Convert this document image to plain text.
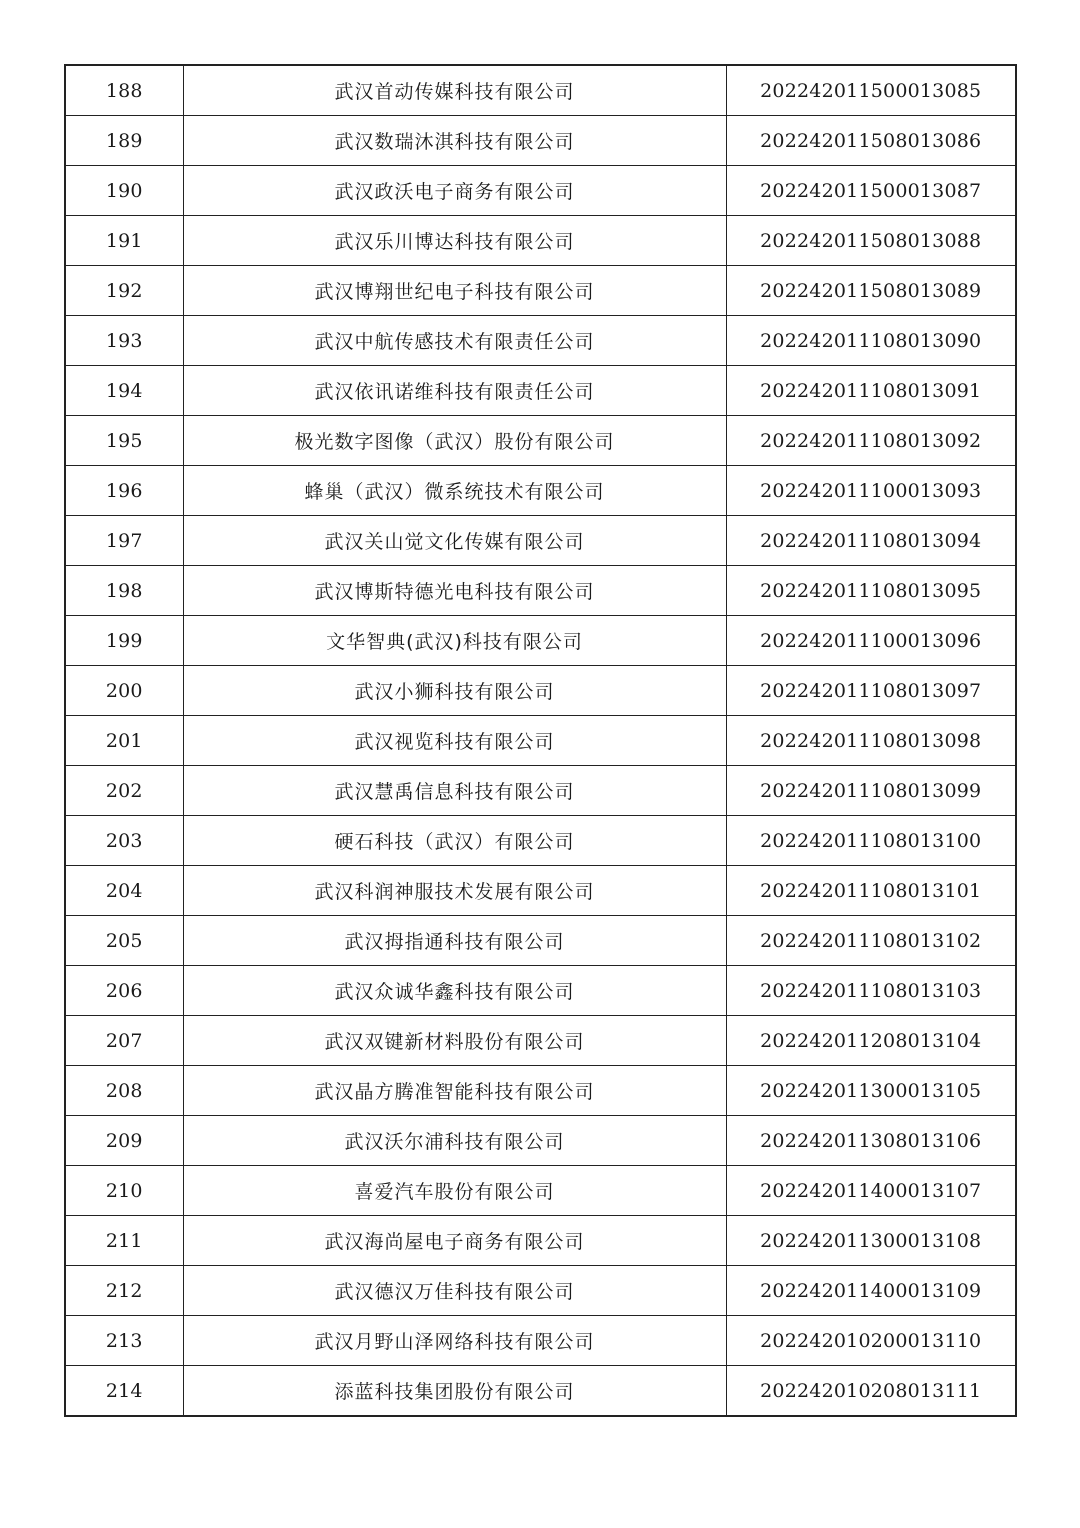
188	武汉首动传媒科技有限公司	202242011500013085
189	武汉数瑞沐淇科技有限公司	202242011508013086
190	武汉政沃电子商务有限公司	202242011500013087
191	武汉乐川博达科技有限公司	202242011508013088
192	武汉博翔世纪电子科技有限公司	202242011508013089
193	武汉中航传感技术有限责任公司	202242011108013090
194	武汉依讯诺维科技有限责任公司	202242011108013091
195	极光数字图像（武汉）股份有限公司	202242011108013092
196	蜂巢（武汉）微系统技术有限公司	202242011100013093
197	武汉关山觉文化传媒有限公司	202242011108013094
198	武汉博斯特德光电科技有限公司	202242011108013095
199	文华智典(武汉)科技有限公司	202242011100013096
200	武汉小狮科技有限公司	202242011108013097
201	武汉视览科技有限公司	202242011108013098
202	武汉慧禹信息科技有限公司	202242011108013099
203	硬石科技（武汉）有限公司	202242011108013100
204	武汉科润神服技术发展有限公司	202242011108013101
205	武汉拇指通科技有限公司	202242011108013102
206	武汉众诚华鑫科技有限公司	202242011108013103
207	武汉双键新材料股份有限公司	202242011208013104
208	武汉晶方腾准智能科技有限公司	202242011300013105
209	武汉沃尔浦科技有限公司	202242011308013106
210	喜爱汽车股份有限公司	202242011400013107
211	武汉海尚屋电子商务有限公司	202242011300013108
212	武汉德汉万佳科技有限公司	202242011400013109
213	武汉月野山泽网络科技有限公司	202242010200013110
214	添蓝科技集团股份有限公司	202242010208013111
